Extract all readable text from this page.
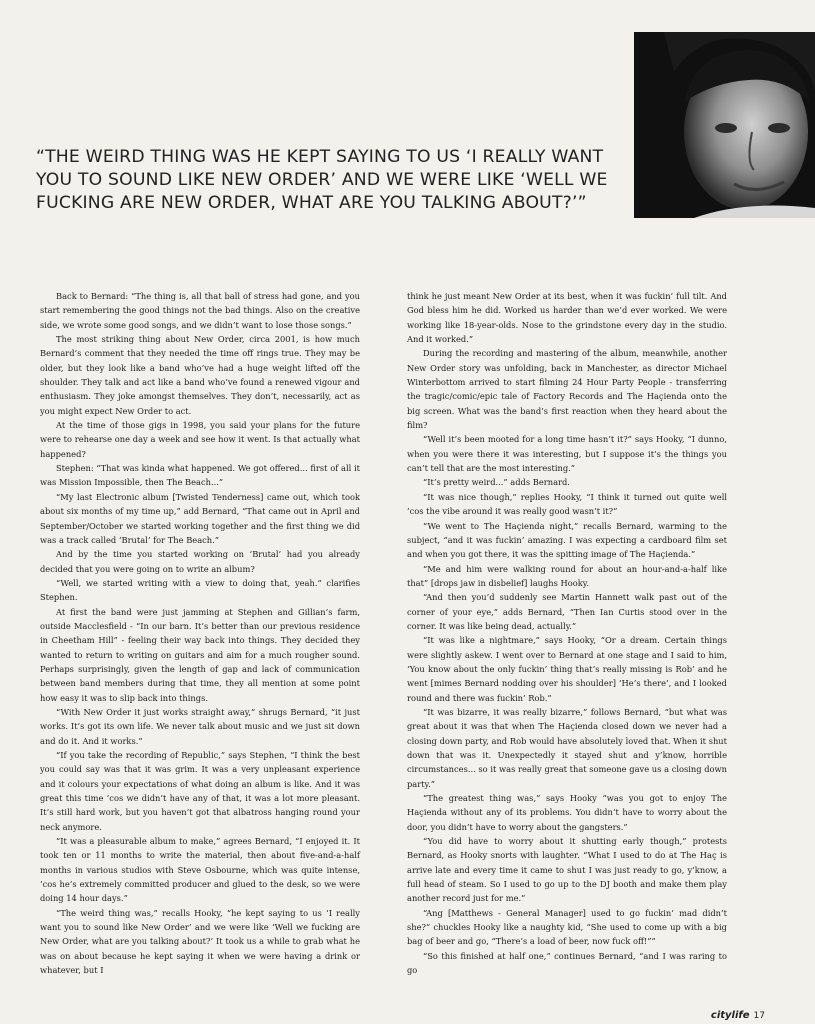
“THE WEIRD THING WAS HE KEPT SAYING TO US ‘I REALLY WANT YOU TO SOUND LIKE NEW ORDER’ AND WE WERE LIKE ‘WELL WE FUCKING ARE NEW ORDER, WHAT ARE YOU TALKING ABOUT?’”

Back to Bernard: “The thing is, all that ball of stress had gone, and you start remembering the good things not the bad things. Also on the creative side, we wrote some good songs, and we didn’t want to lose those songs.”

The most striking thing about New Order, circa 2001, is how much Bernard’s comment that they needed the time off rings true. They may be older, but they look like a band who’ve had a huge weight lifted off the shoulder. They talk and act like a band who’ve found a renewed vigour and enthusiasm. They joke amongst themselves. They don’t, necessarily, act as you might expect New Order to act.

At the time of those gigs in 1998, you said your plans for the future were to rehearse one day a week and see how it went. Is that actually what happened?

Stephen: “That was kinda what happened. We got offered... first of all it was Mission Impossible, then The Beach...”

“My last Electronic album [Twisted Tenderness] came out, which took about six months of my time up,” add Bernard, “That came out in April and September/October we started working together and the first thing we did was a track called ‘Brutal’ for The Beach.”

And by the time you started working on ‘Brutal’ had you already decided that you were going on to write an album?

“Well, we started writing with a view to doing that, yeah.” clarifies Stephen.

At first the band were just jamming at Stephen and Gillian’s farm, outside Macclesfield - “In our barn. It’s better than our previous residence in Cheetham Hill” - feeling their way back into things. They decided they wanted to return to writing on guitars and aim for a much rougher sound. Perhaps surprisingly, given the length of gap and lack of communication between band members during that time, they all mention at some point how easy it was to slip back into things.

“With New Order it just works straight away,” shrugs Bernard, “it just works. It’s got its own life. We never talk about music and we just sit down and do it. And it works.”

“If you take the recording of Republic,” says Stephen, “I think the best you could say was that it was grim. It was a very unpleasant experience and it colours your expectations of what doing an album is like. And it was great this time ’cos we didn’t have any of that, it was a lot more pleasant. It’s still hard work, but you haven’t got that albatross hanging round your neck anymore.

“It was a pleasurable album to make,” agrees Bernard, “I enjoyed it. It took ten or 11 months to write the material, then about five-and-a-half months in various studios with Steve Osbourne, which was quite intense, ’cos he’s extremely committed producer and glued to the desk, so we were doing 14 hour days.”

“The weird thing was,” recalls Hooky, “he kept saying to us ‘I really want you to sound like New Order’ and we were like ‘Well we fucking are New Order, what are you talking about?’ It took us a while to grab what he was on about because he kept saying it when we were having a drink or whatever, but I

think he just meant New Order at its best, when it was fuckin’ full tilt. And God bless him he did. Worked us harder than we’d ever worked. We were working like 18-year-olds. Nose to the grindstone every day in the studio. And it worked.”

During the recording and mastering of the album, meanwhile, another New Order story was unfolding, back in Manchester, as director Michael Winterbottom arrived to start filming 24 Hour Party People - transferring the tragic/comic/epic tale of Factory Records and The Haçienda onto the big screen. What was the band’s first reaction when they heard about the film?

“Well it’s been mooted for a long time hasn’t it?” says Hooky, “I dunno, when you were there it was interesting, but I suppose it’s the things you can’t tell that are the most interesting.”

“It’s pretty weird...” adds Bernard.

“It was nice though,” replies Hooky, “I think it turned out quite well ’cos the vibe around it was really good wasn’t it?”

“We went to The Haçienda night,” recalls Bernard, warming to the subject, “and it was fuckin’ amazing. I was expecting a cardboard film set and when you got there, it was the spitting image of The Haçienda.”

“Me and him were walking round for about an hour-and-a-half like that” [drops jaw in disbelief] laughs Hooky.

“And then you’d suddenly see Martin Hannett walk past out of the corner of your eye,” adds Bernard, “Then Ian Curtis stood over in the corner. It was like being dead, actually.”

“It was like a nightmare,” says Hooky, “Or a dream. Certain things were slightly askew. I went over to Bernard at one stage and I said to him, ‘You know about the only fuckin’ thing that’s really missing is Rob’ and he went [mimes Bernard nodding over his shoulder] ‘He’s there’, and I looked round and there was fuckin’ Rob.”

“It was bizarre, it was really bizarre,” follows Bernard, “but what was great about it was that when The Haçienda closed down we never had a closing down party, and Rob would have absolutely loved that. When it shut down that was it. Unexpectedly it stayed shut and y’know, horrible circumstances... so it was really great that someone gave us a closing down party.”

“The greatest thing was,” says Hooky “was you got to enjoy The Haçienda without any of its problems. You didn’t have to worry about the door, you didn’t have to worry about the gangsters.”

“You did have to worry about it shutting early though,” protests Bernard, as Hooky snorts with laughter. “What I used to do at The Haç is arrive late and every time it came to shut I was just ready to go, y’know, a full head of steam. So I used to go up to the DJ booth and make them play another record just for me.”

“Ang [Matthews - General Manager] used to go fuckin’ mad didn’t she?” chuckles Hooky like a naughty kid, “She used to come up with a big bag of beer and go, “There’s a load of beer, now fuck off!””

“So this finished at half one,” continues Bernard, “and I was raring to go

citylife 17
